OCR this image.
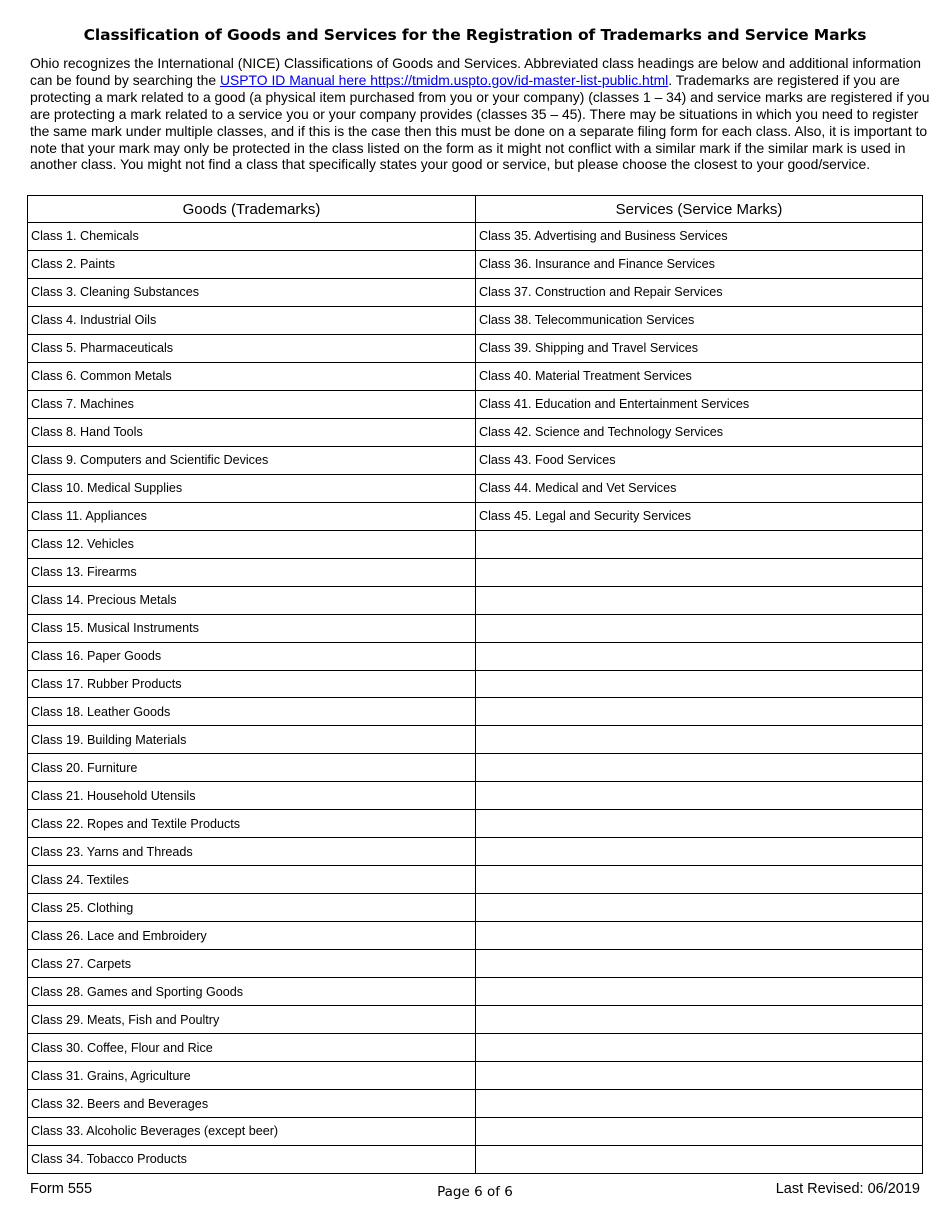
Classification of Goods and Services for the Registration of Trademarks and Service Marks
Ohio recognizes the International (NICE) Classifications of Goods and Services. Abbreviated class headings are below and additional information can be found by searching the USPTO ID Manual here https://tmidm.uspto.gov/id-master-list-public.html. Trademarks are registered if you are protecting a mark related to a good (a physical item purchased from you or your company) (classes 1 – 34) and service marks are registered if you are protecting a mark related to a service you or your company provides (classes 35 – 45). There may be situations in which you need to register the same mark under multiple classes, and if this is the case then this must be done on a separate filing form for each class. Also, it is important to note that your mark may only be protected in the class listed on the form as it might not conflict with a similar mark if the similar mark is used in another class. You might not find a class that specifically states your good or service, but please choose the closest to your good/service.
Goods (Trademarks)	Services (Service Marks)
Class 1. Chemicals	Class 35. Advertising and Business Services
Class 2. Paints	Class 36. Insurance and Finance Services
Class 3. Cleaning Substances	Class 37. Construction and Repair Services
Class 4. Industrial Oils	Class 38. Telecommunication Services
Class 5. Pharmaceuticals	Class 39. Shipping and Travel Services
Class 6. Common Metals	Class 40. Material Treatment Services
Class 7. Machines	Class 41. Education and Entertainment Services
Class 8. Hand Tools	Class 42. Science and Technology Services
Class 9. Computers and Scientific Devices	Class 43. Food Services
Class 10. Medical Supplies	Class 44. Medical and Vet Services
Class 11. Appliances	Class 45. Legal and Security Services
Class 12. Vehicles	
Class 13. Firearms	
Class 14. Precious Metals	
Class 15. Musical Instruments	
Class 16. Paper Goods	
Class 17. Rubber Products	
Class 18. Leather Goods	
Class 19. Building Materials	
Class 20. Furniture	
Class 21. Household Utensils	
Class 22. Ropes and Textile Products	
Class 23. Yarns and Threads	
Class 24. Textiles	
Class 25. Clothing	
Class 26. Lace and Embroidery	
Class 27. Carpets	
Class 28. Games and Sporting Goods	
Class 29. Meats, Fish and Poultry	
Class 30. Coffee, Flour and Rice	
Class 31. Grains, Agriculture	
Class 32. Beers and Beverages	
Class 33. Alcoholic Beverages (except beer)	
Class 34. Tobacco Products	
Form 555	Page 6 of 6	Last Revised: 06/2019
